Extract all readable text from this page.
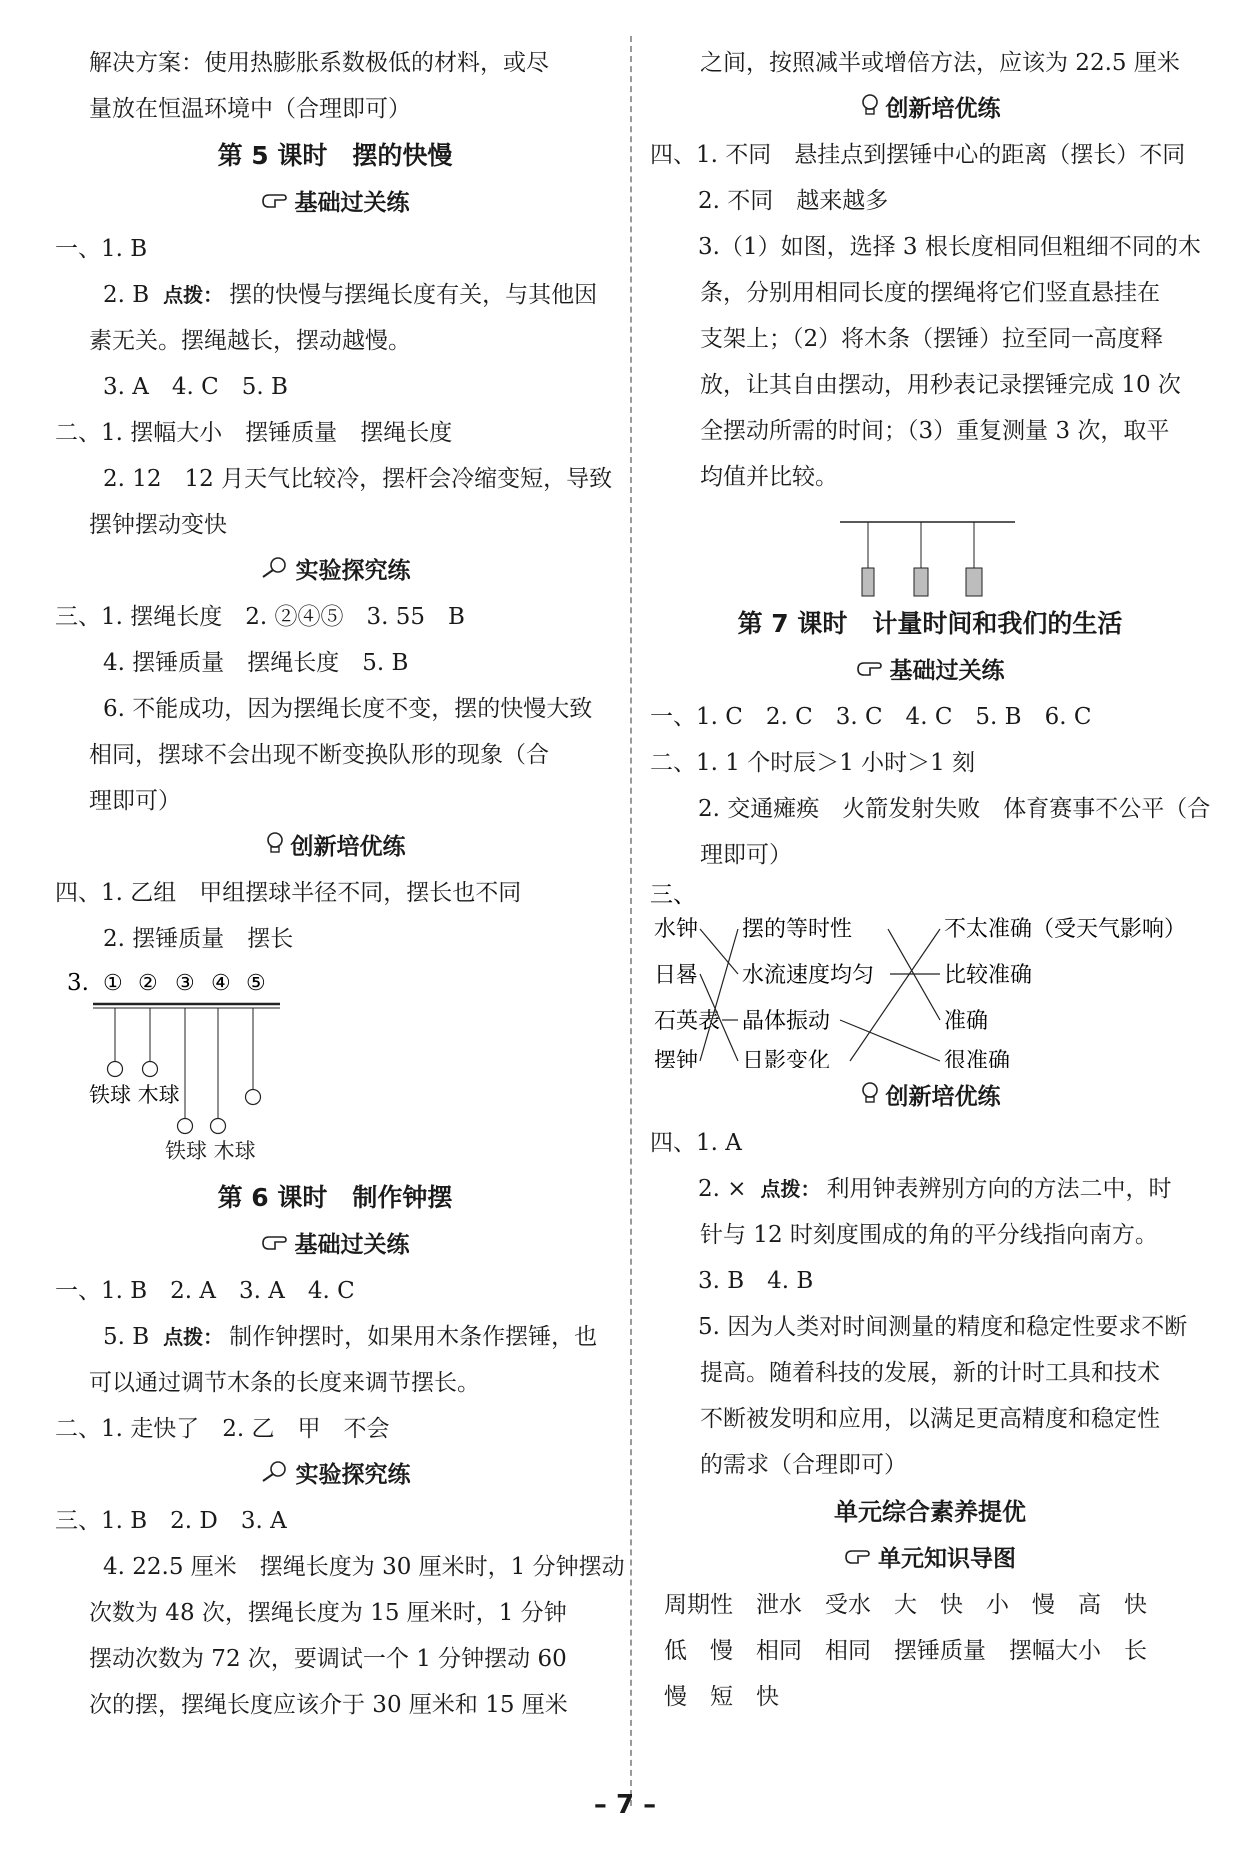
解决方案：使用热膨胀系数极低的材料，或尽
量放在恒温环境中（合理即可）
第 5 课时　摆的快慢
基础过关练
一、1. B
2. B 点拨： 摆的快慢与摆绳长度有关，与其他因
素无关。摆绳越长，摆动越慢。
3. A　4. C　5. B
二、1. 摆幅大小　摆锤质量　摆绳长度
2. 12　12 月天气比较冷，摆杆会冷缩变短，导致
摆钟摆动变快
实验探究练
三、1. 摆绳长度　2. ②④⑤　3. 55　B
4. 摆锤质量　摆绳长度　5. B
6. 不能成功，因为摆绳长度不变，摆的快慢大致
相同，摆球不会出现不断变换队形的现象（合
理即可）
创新培优练
四、1. 乙组　甲组摆球半径不同，摆长也不同
2. 摆锤质量　摆长
3. ① ② ③ ④ ⑤
铁球 木球
铁球 木球
第 6 课时　制作钟摆
基础过关练
一、1. B　2. A　3. A　4. C
5. B 点拨： 制作钟摆时，如果用木条作摆锤，也
可以通过调节木条的长度来调节摆长。
二、1. 走快了　2. 乙　甲　不会
实验探究练
三、1. B　2. D　3. A
4. 22.5 厘米　摆绳长度为 30 厘米时，1 分钟摆动
次数为 48 次，摆绳长度为 15 厘米时，1 分钟
摆动次数为 72 次，要调试一个 1 分钟摆动 60
次的摆，摆绳长度应该介于 30 厘米和 15 厘米
之间，按照减半或增倍方法，应该为 22.5 厘米
创新培优练
四、1. 不同　悬挂点到摆锤中心的距离（摆长）不同
2. 不同　越来越多
3.（1）如图，选择 3 根长度相同但粗细不同的木
条，分别用相同长度的摆绳将它们竖直悬挂在
支架上；（2）将木条（摆锤）拉至同一高度释
放，让其自由摆动，用秒表记录摆锤完成 10 次
全摆动所需的时间；（3）重复测量 3 次，取平
均值并比较。
第 7 课时　计量时间和我们的生活
基础过关练
一、1. C　2. C　3. C　4. C　5. B　6. C
二、1. 1 个时辰＞1 小时＞1 刻
2. 交通瘫痪　火箭发射失败　体育赛事不公平（合
理即可）
三、
水钟
日晷
石英表
摆钟
摆的等时性
水流速度均匀
晶体振动
日影变化
不太准确（受天气影响）
比较准确
准确
很准确
创新培优练
四、1. A
2. × 点拨： 利用钟表辨别方向的方法二中，时
针与 12 时刻度围成的角的平分线指向南方。
3. B　4. B
5. 因为人类对时间测量的精度和稳定性要求不断
提高。随着科技的发展，新的计时工具和技术
不断被发明和应用，以满足更高精度和稳定性
的需求（合理即可）
单元综合素养提优
单元知识导图
周期性　泄水　受水　大　快　小　慢　高　快
低　慢　相同　相同　摆锤质量　摆幅大小　长
慢　短　快
– 7 –
